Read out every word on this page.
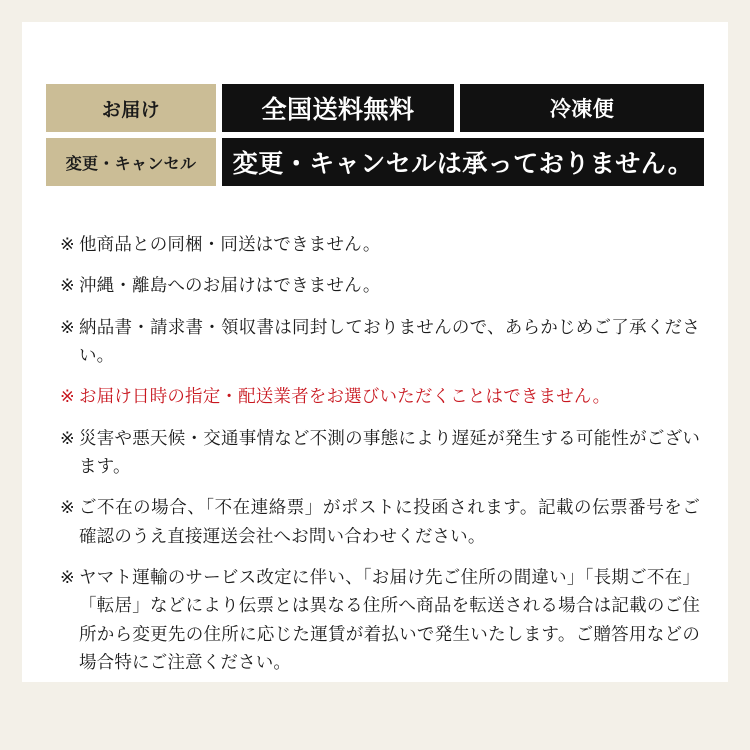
お届け	全国送料無料	冷凍便
変更・キャンセル	変更・キャンセルは承っておりません。
※ 他商品との同梱・同送はできません。
※ 沖縄・離島へのお届けはできません。
※ 納品書・請求書・領収書は同封しておりませんので、あらかじめご了承ください。
※ お届け日時の指定・配送業者をお選びいただくことはできません。
※ 災害や悪天候・交通事情など不測の事態により遅延が発生する可能性がございます。
※ ご不在の場合、「不在連絡票」がポストに投函されます。記載の伝票番号をご確認のうえ直接運送会社へお問い合わせください。
※ ヤマト運輸のサービス改定に伴い、「お届け先ご住所の間違い」「長期ご不在」「転居」などにより伝票とは異なる住所へ商品を転送される場合は記載のご住所から変更先の住所に応じた運賃が着払いで発生いたします。ご贈答用などの場合特にご注意ください。
